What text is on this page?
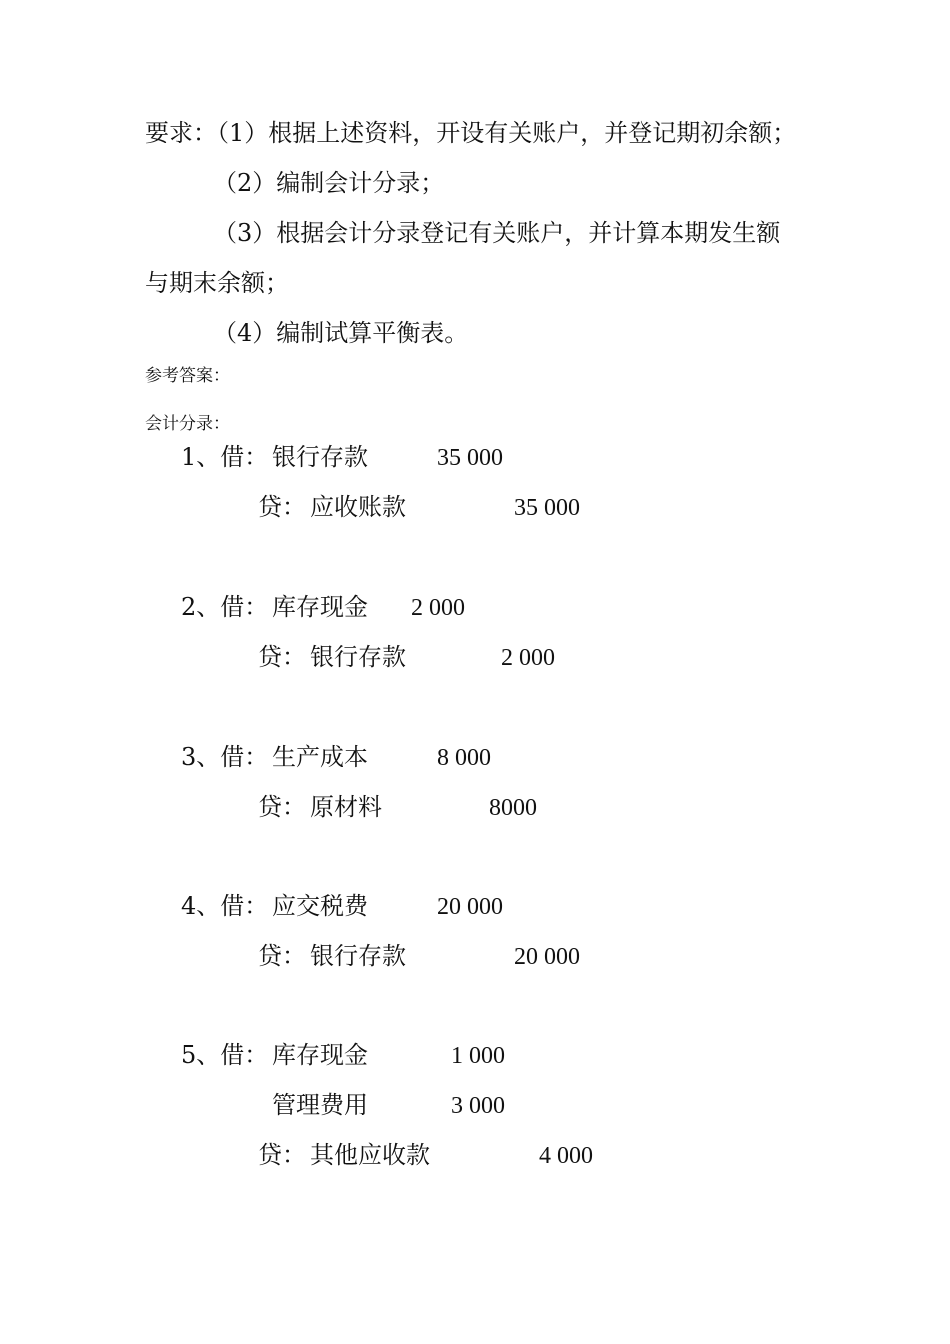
要求：（1）根据上述资料，开设有关账户，并登记期初余额；
（2）编制会计分录；
（3）根据会计分录登记有关账户，并计算本期发生额
与期末余额；
（4）编制试算平衡表。
参考答案：
会计分录：
1、借： 银行存款	35 000
贷： 应收账款	35 000
2、借： 库存现金 2 000
贷： 银行存款	2 000
3、借： 生产成本	8 000
贷： 原材料	8000
4、借： 应交税费	20 000
贷： 银行存款	20 000
5、借： 库存现金	1 000
管理费用	3 000
贷： 其他应收款	4 000
